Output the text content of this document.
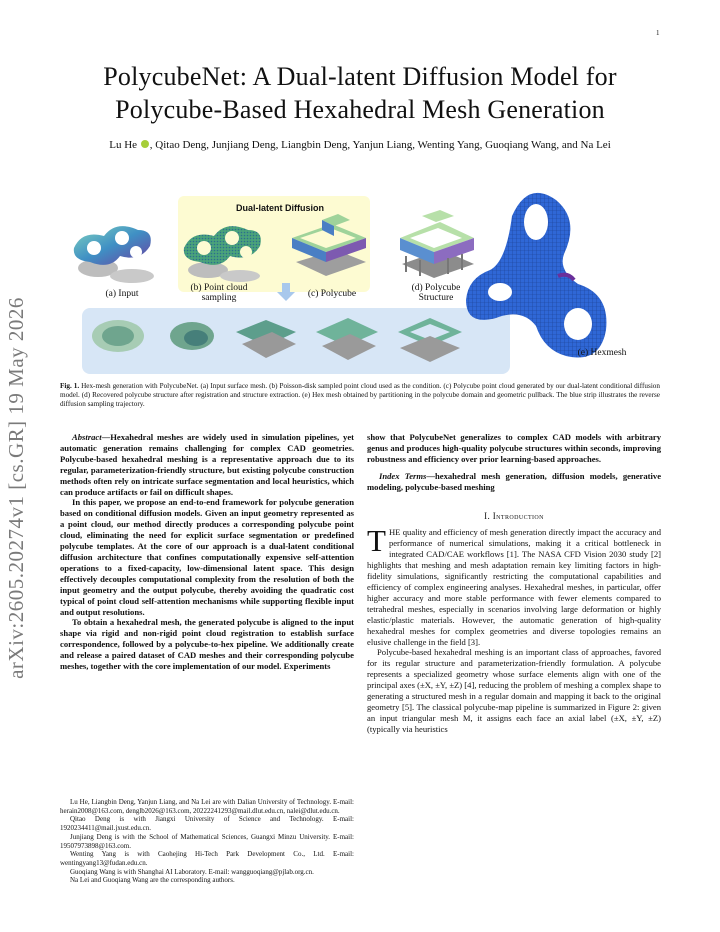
1
arXiv:2605.20274v1 [cs.GR] 19 May 2026
PolycubeNet: A Dual-latent Diffusion Model for
Polycube-Based Hexahedral Mesh Generation
Lu He , Qitao Deng, Junjiang Deng, Liangbin Deng, Yanjun Liang, Wenting Yang, Guoqiang Wang, and Na Lei
Dual-latent Diffusion
(a) Input
(b) Point cloud
sampling	(c) Polycube
(d) Polycube
Structure
(e) Hexmesh
Fig. 1. Hex-mesh generation with PolycubeNet. (a) Input surface mesh. (b) Poisson-disk sampled point cloud used as the condition. (c) Polycube point cloud generated by our dual-latent conditional diffusion model. (d) Recovered polycube structure after registration and structure extraction. (e) Hex mesh obtained by partitioning in the polycube domain and geometric pullback. The blue strip illustrates the reverse diffusion sampling trajectory.

Abstract—Hexahedral meshes are widely used in simulation pipelines, yet automatic generation remains challenging for complex CAD geometries. Polycube-based hexahedral meshing is a representative approach due to its regular, parameterization-friendly structure, but existing polycube construction methods often rely on intricate surface segmentation and local heuristics, which can produce artifacts or fail on difficult shapes.

In this paper, we propose an end-to-end framework for polycube generation based on conditional diffusion models. Given an input geometry represented as a point cloud, our method directly produces a corresponding polycube point cloud, eliminating the need for explicit surface segmentation or predefined polycube templates. At the core of our approach is a dual-latent conditional diffusion architecture that confines computationally expensive self-attention operations to a fixed-capacity, low-dimensional latent space. This design effectively decouples computational complexity from the resolution of both the input geometry and the output polycube, thereby avoiding the quadratic cost typical of point cloud self-attention mechanisms while supporting flexible input and output resolutions.

To obtain a hexahedral mesh, the generated polycube is aligned to the input shape via rigid and non-rigid point cloud registration to establish surface correspondence, followed by a polycube-to-hex pipeline. We additionally create and release a paired dataset of CAD meshes and their corresponding polycube meshes, together with the core implementation of our model. Experiments

Lu He, Liangbin Deng, Yanjun Liang, and Na Lei are with Dalian University of Technology. E-mail: herain2008@163.com, denglb2026@163.com, 20222241293@mail.dlut.edu.cn, nalei@dlut.edu.cn.

Qitao Deng is with Jiangxi University of Science and Technology. E-mail: 1920234411@mail.jxust.edu.cn.

Junjiang Deng is with the School of Mathematical Sciences, Guangxi Minzu University. E-mail: 19507973898@163.com.

Wenting Yang is with Caohejing Hi-Tech Park Development Co., Ltd. E-mail: wentingyang13@fudan.edu.cn.

Guoqiang Wang is with Shanghai AI Laboratory. E-mail: wangguoqiang@pjlab.org.cn.

Na Lei and Guoqiang Wang are the corresponding authors.

show that PolycubeNet generalizes to complex CAD models with arbitrary genus and produces high-quality polycube structures within seconds, improving robustness and efficiency over prior learning-based approaches.
Index Terms—hexahedral mesh generation, diffusion models, generative modeling, polycube-based meshing
I. Introduction

THE quality and efficiency of mesh generation directly impact the accuracy and performance of numerical simulations, making it a critical bottleneck in integrated CAD/CAE workflows [1]. The NASA CFD Vision 2030 study [2] highlights that meshing and mesh adaptation remain key limiting factors in high-fidelity simulations, significantly restricting the computational capabilities and efficiency of complex engineering analyses. Hexahedral meshes, in particular, offer higher accuracy and more stable performance with fewer elements compared to tetrahedral meshes, especially in scenarios involving large deformation or highly elastic/plastic materials. However, the automatic generation of high-quality hexahedral meshes for complex geometries and diverse topologies remains an elusive challenge in the field [3].

Polycube-based hexahedral meshing is an important class of approaches, favored for its regular structure and parameterization-friendly formulation. A polycube represents a specialized geometry whose surface elements align with one of the principal axes (±X, ±Y, ±Z) [4], reducing the problem of meshing a complex shape to generating a structured mesh in a regular domain and mapping it back to the original geometry [5]. The classical polycube-map pipeline is summarized in Figure 2: given an input triangular mesh M, it assigns each face an axial label (±X, ±Y, ±Z) (typically via heuristics
